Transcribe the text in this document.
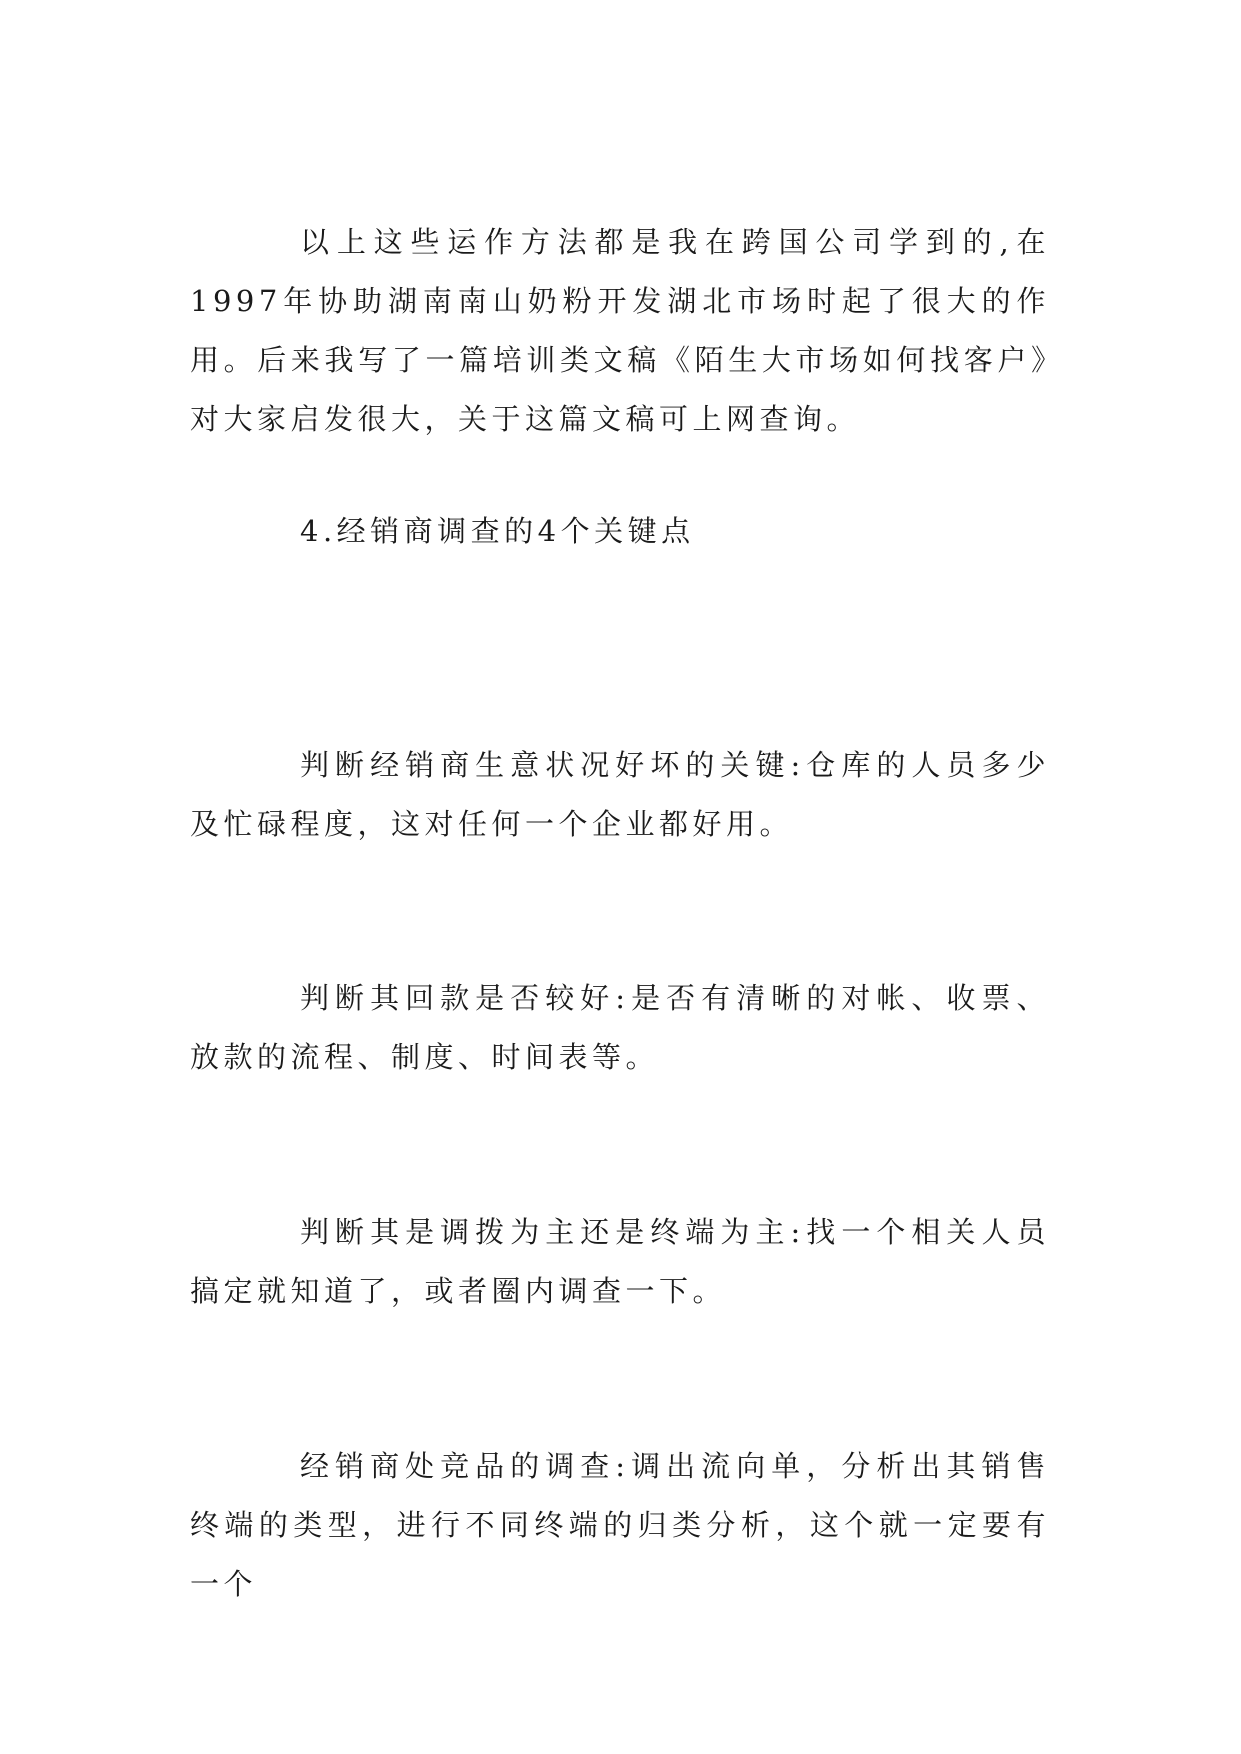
以上这些运作方法都是我在跨国公司学到的,在1997年协助湖南南山奶粉开发湖北市场时起了很大的作用。后来我写了一篇培训类文稿《陌生大市场如何找客户》对大家启发很大，关于这篇文稿可上网查询。

4.经销商调查的4个关键点

判断经销商生意状况好坏的关键:仓库的人员多少及忙碌程度，这对任何一个企业都好用。

判断其回款是否较好:是否有清晰的对帐、收票、放款的流程、制度、时间表等。

判断其是调拨为主还是终端为主:找一个相关人员搞定就知道了，或者圈内调查一下。

经销商处竞品的调查:调出流向单，分析出其销售终端的类型，进行不同终端的归类分析，这个就一定要有一个
